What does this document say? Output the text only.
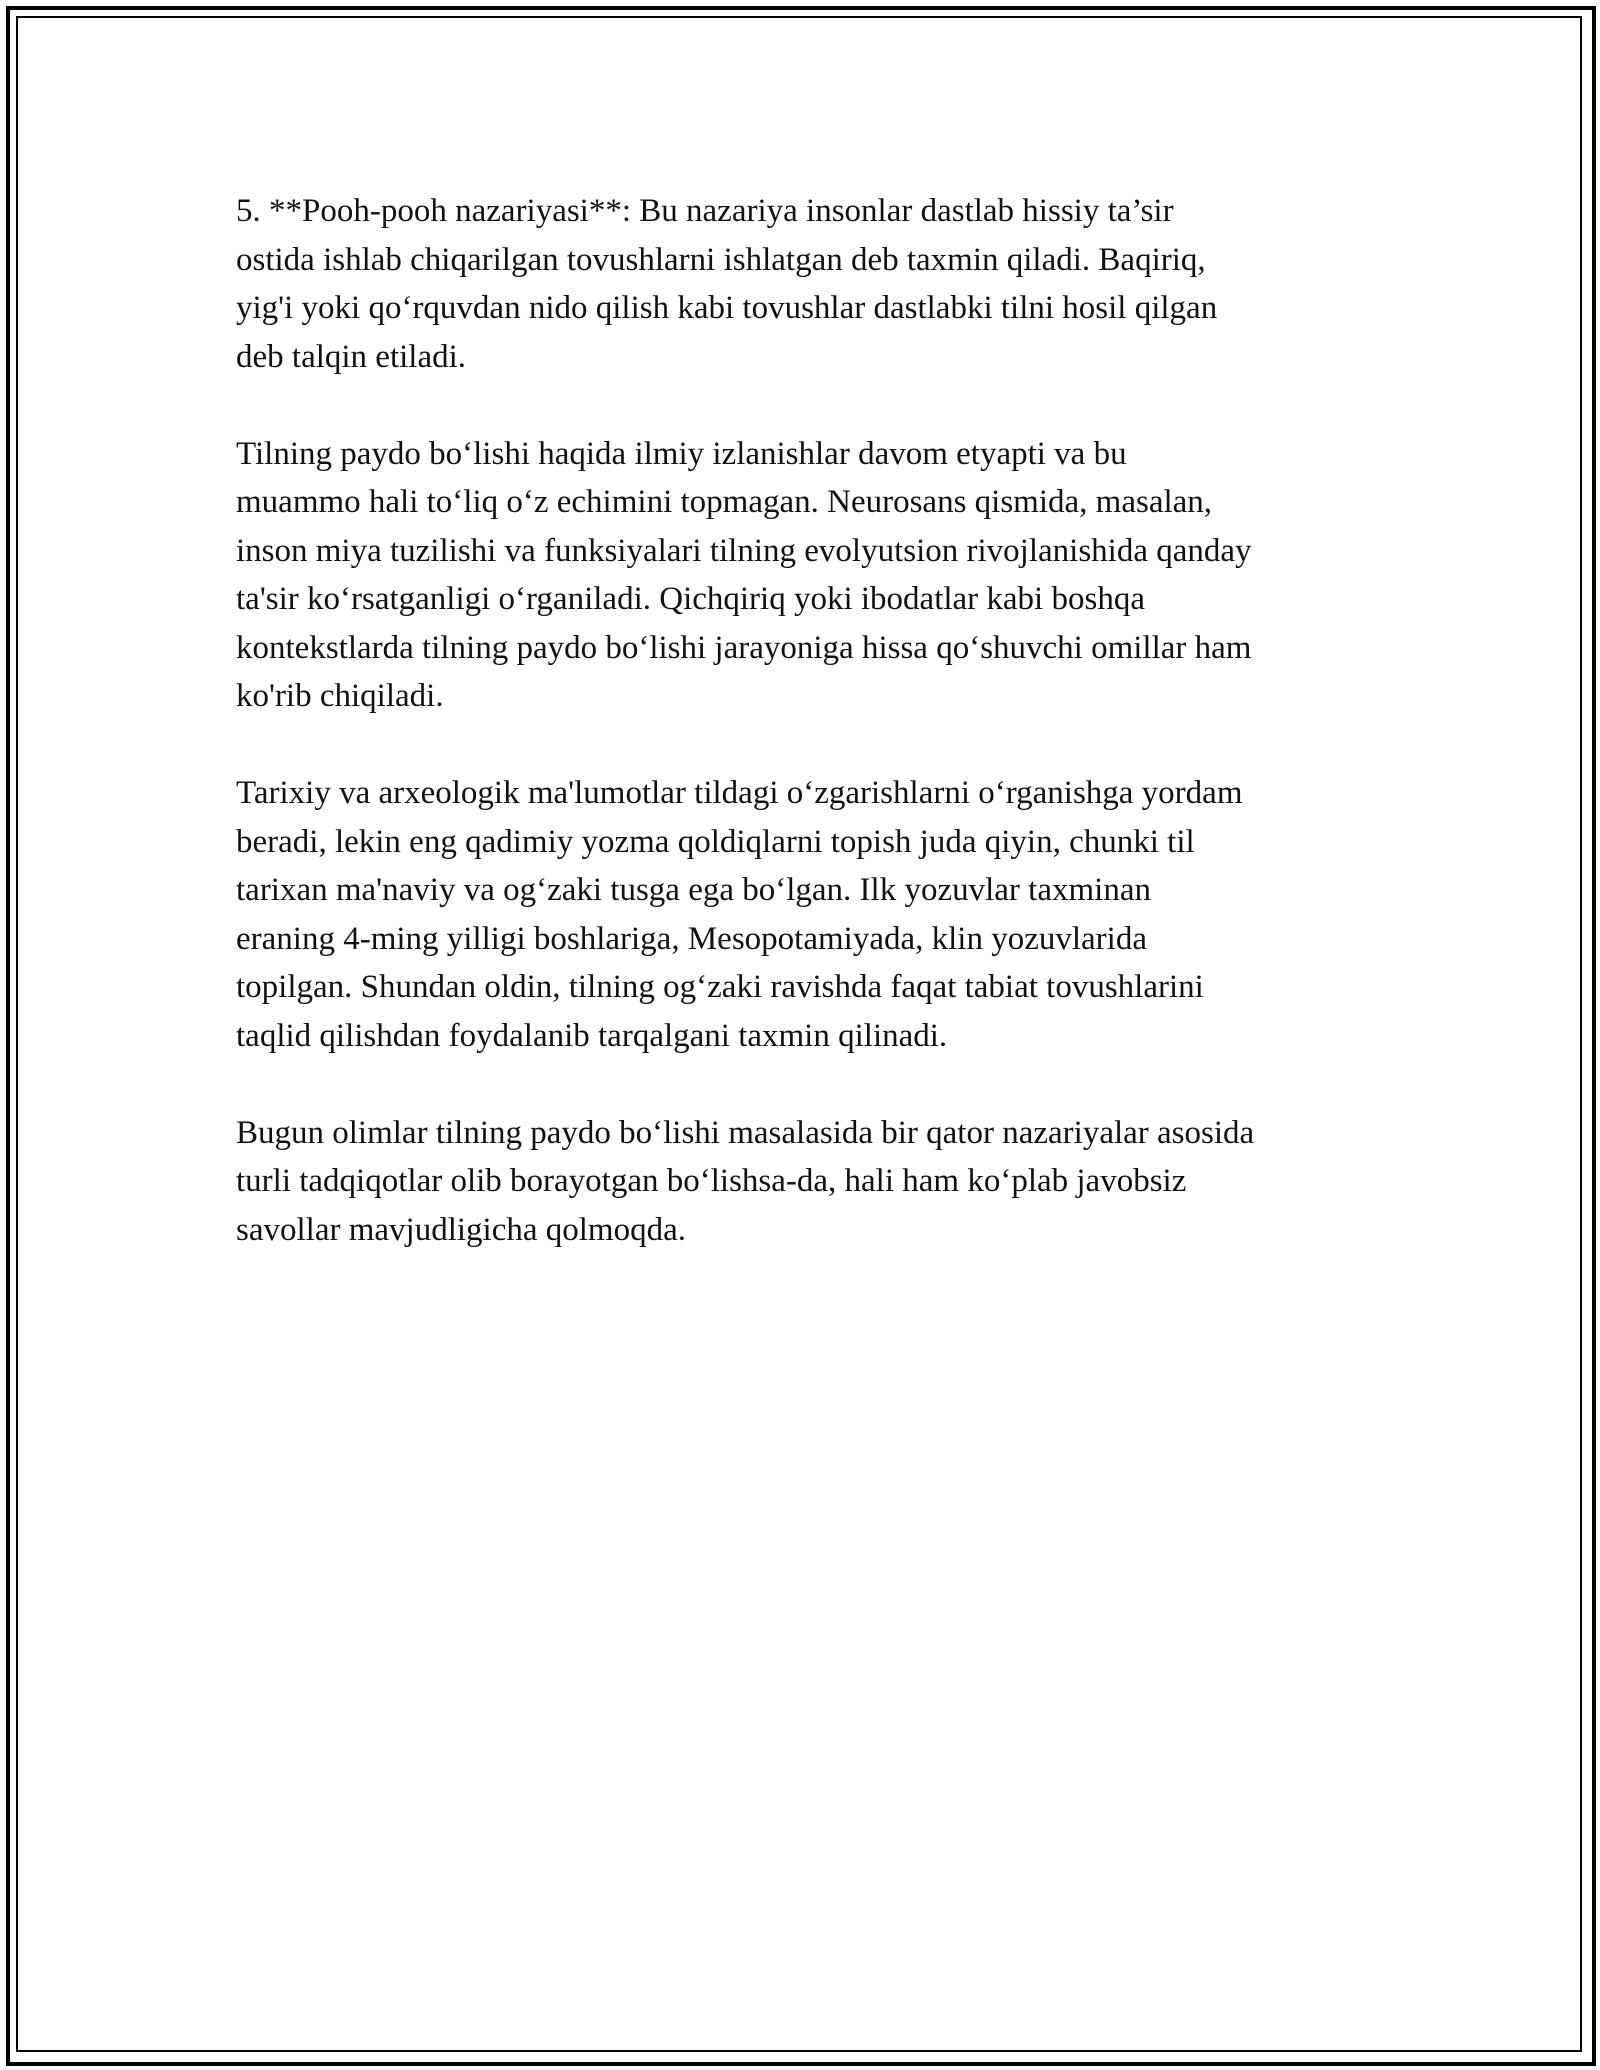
5. **Pooh-pooh nazariyasi**: Bu nazariya insonlar dastlab hissiy ta’sir
ostida ishlab chiqarilgan tovushlarni ishlatgan deb taxmin qiladi. Baqiriq,
yig'i yoki qo‘rquvdan nido qilish kabi tovushlar dastlabki tilni hosil qilgan
deb talqin etiladi.

Tilning paydo bo‘lishi haqida ilmiy izlanishlar davom etyapti va bu
muammo hali to‘liq o‘z echimini topmagan. Neurosans qismida, masalan,
inson miya tuzilishi va funksiyalari tilning evolyutsion rivojlanishida qanday
ta'sir ko‘rsatganligi o‘rganiladi. Qichqiriq yoki ibodatlar kabi boshqa
kontekstlarda tilning paydo bo‘lishi jarayoniga hissa qo‘shuvchi omillar ham
ko'rib chiqiladi.

Tarixiy va arxeologik ma'lumotlar tildagi o‘zgarishlarni o‘rganishga yordam
beradi, lekin eng qadimiy yozma qoldiqlarni topish juda qiyin, chunki til
tarixan ma'naviy va og‘zaki tusga ega bo‘lgan. Ilk yozuvlar taxminan
eraning 4-ming yilligi boshlariga, Mesopotamiyada, klin yozuvlarida
topilgan. Shundan oldin, tilning og‘zaki ravishda faqat tabiat tovushlarini
taqlid qilishdan foydalanib tarqalgani taxmin qilinadi.

Bugun olimlar tilning paydo bo‘lishi masalasida bir qator nazariyalar asosida
turli tadqiqotlar olib borayotgan bo‘lishsa-da, hali ham ko‘plab javobsiz
savollar mavjudligicha qolmoqda.
